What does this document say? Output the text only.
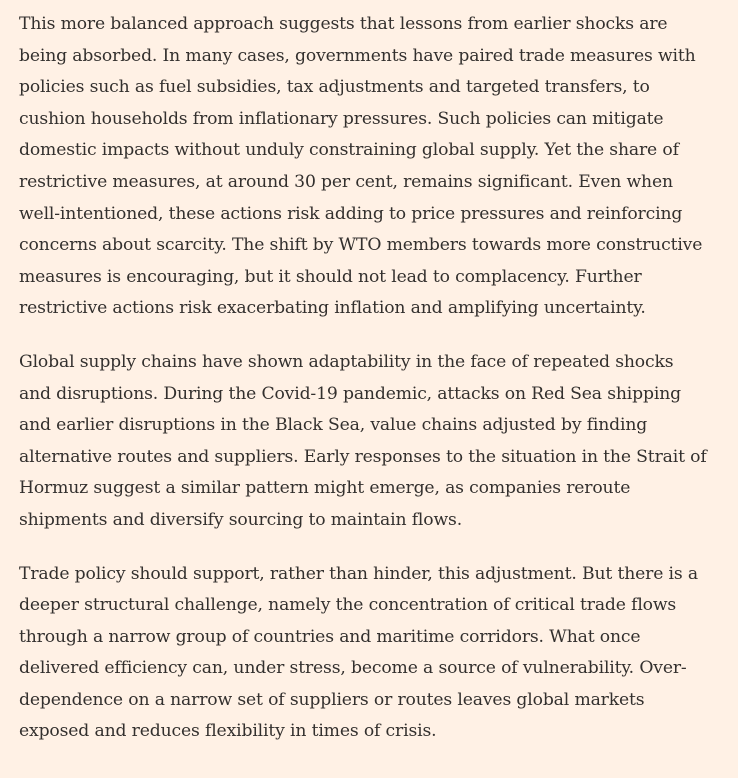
This more balanced approach suggests that lessons from earlier shocks are
being absorbed. In many cases, governments have paired trade measures with
policies such as fuel subsidies, tax adjustments and targeted transfers, to
cushion households from inflationary pressures. Such policies can mitigate
domestic impacts without unduly constraining global supply. Yet the share of
restrictive measures, at around 30 per cent, remains significant. Even when
well-intentioned, these actions risk adding to price pressures and reinforcing
concerns about scarcity. The shift by WTO members towards more constructive
measures is encouraging, but it should not lead to complacency. Further
restrictive actions risk exacerbating inflation and amplifying uncertainty.

Global supply chains have shown adaptability in the face of repeated shocks
and disruptions. During the Covid-19 pandemic, attacks on Red Sea shipping
and earlier disruptions in the Black Sea, value chains adjusted by finding
alternative routes and suppliers. Early responses to the situation in the Strait of
Hormuz suggest a similar pattern might emerge, as companies reroute
shipments and diversify sourcing to maintain flows.

Trade policy should support, rather than hinder, this adjustment. But there is a
deeper structural challenge, namely the concentration of critical trade flows
through a narrow group of countries and maritime corridors. What once
delivered efficiency can, under stress, become a source of vulnerability. Over-
dependence on a narrow set of suppliers or routes leaves global markets
exposed and reduces flexibility in times of crisis.
